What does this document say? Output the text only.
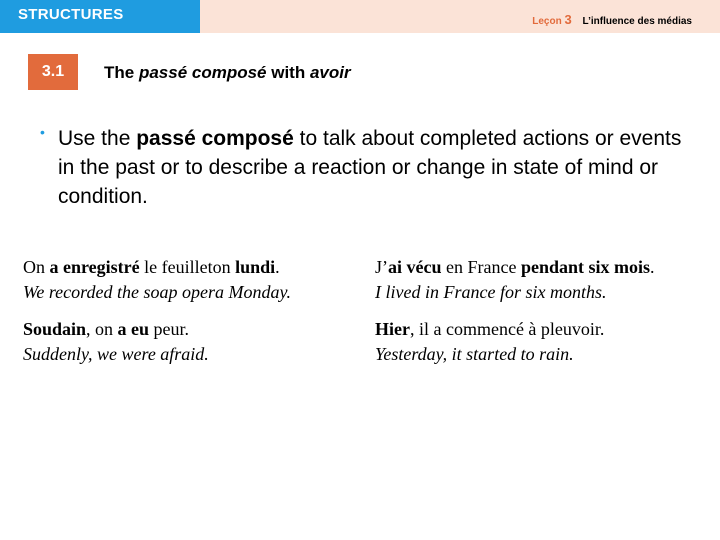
STRUCTURES	Leçon 3 L’influence des médias
3.1	The passé composé with avoir
• Use the passé composé to talk about completed actions or events in the past or to describe a reaction or change in state of mind or condition.
On a enregistré le feuilleton lundi.
We recorded the soap opera Monday.
J’ai vécu en France pendant six mois.
I lived in France for six months.
Soudain, on a eu peur.
Suddenly, we were afraid.
Hier, il a commencé à pleuvoir.
Yesterday, it started to rain.
